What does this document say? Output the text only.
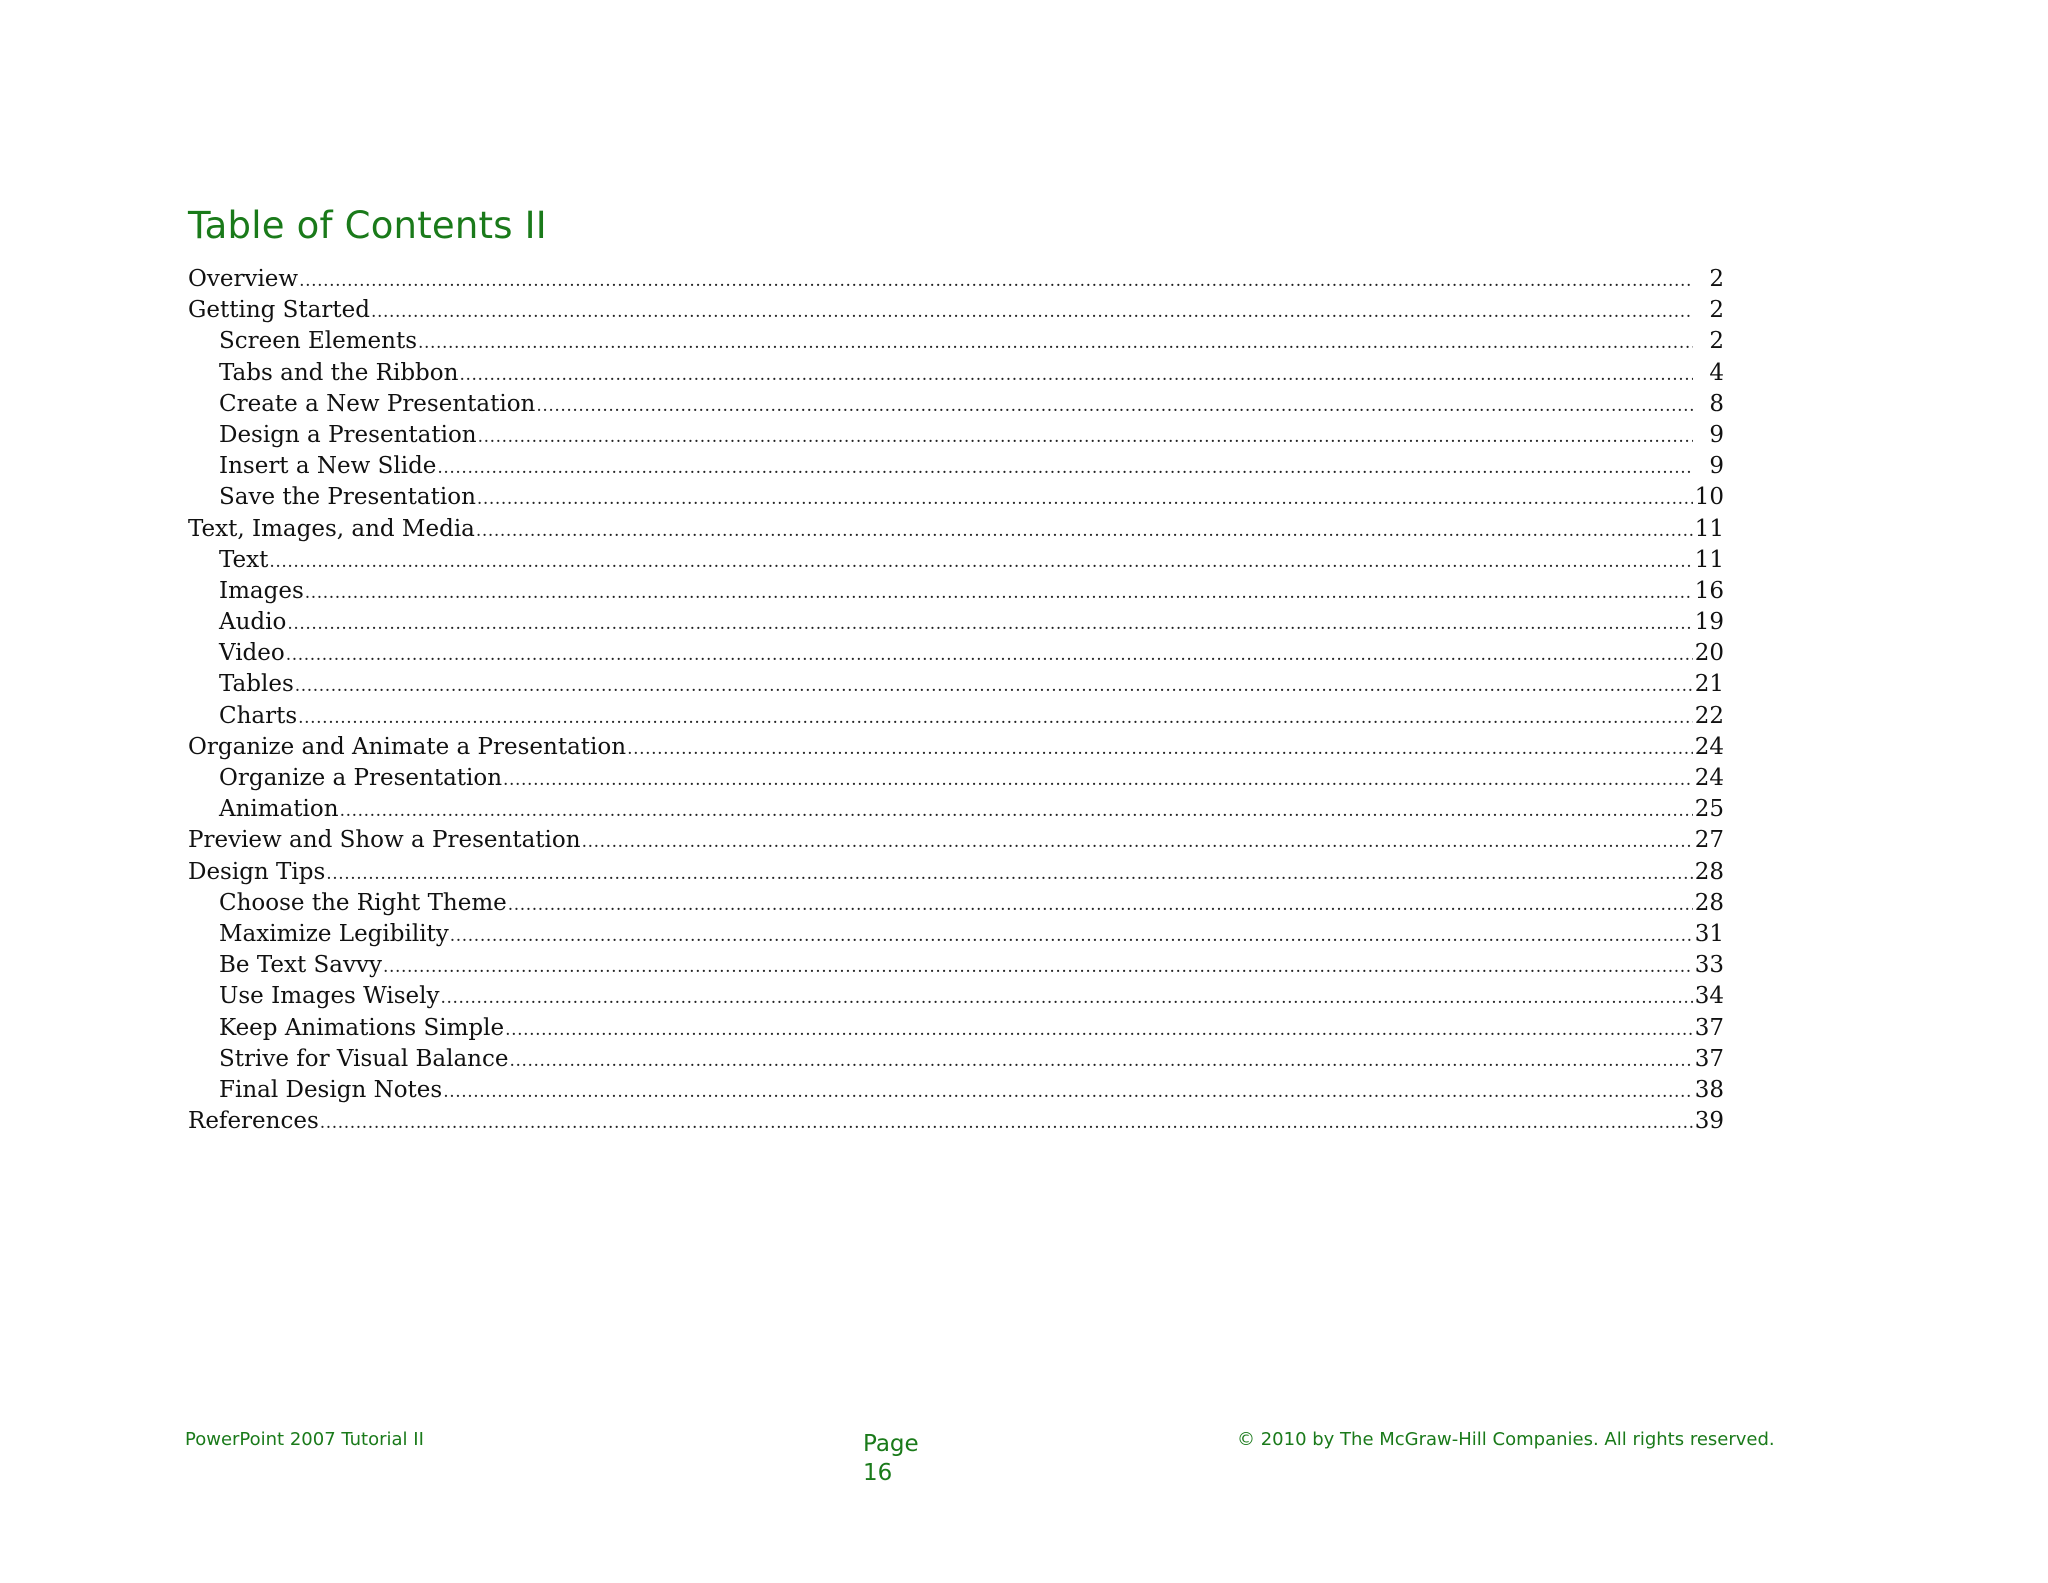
Table of Contents II
Overview .....	2
Getting Started .....	2
Screen Elements .....	2
Tabs and the Ribbon .....	4
Create a New Presentation .....	8
Design a Presentation .....	9
Insert a New Slide .....	9
Save the Presentation .....	10
Text, Images, and Media .....	11
Text .....	11
Images .....	16
Audio .....	19
Video .....	20
Tables .....	21
Charts .....	22
Organize and Animate a Presentation .....	24
Organize a Presentation .....	24
Animation .....	25
Preview and Show a Presentation .....	27
Design Tips .....	28
Choose the Right Theme .....	28
Maximize Legibility .....	31
Be Text Savvy .....	33
Use Images Wisely .....	34
Keep Animations Simple .....	37
Strive for Visual Balance .....	37
Final Design Notes .....	38
References .....	39
PowerPoint 2007 Tutorial II	Page
16
© 2010 by The McGraw-Hill Companies. All rights reserved.
